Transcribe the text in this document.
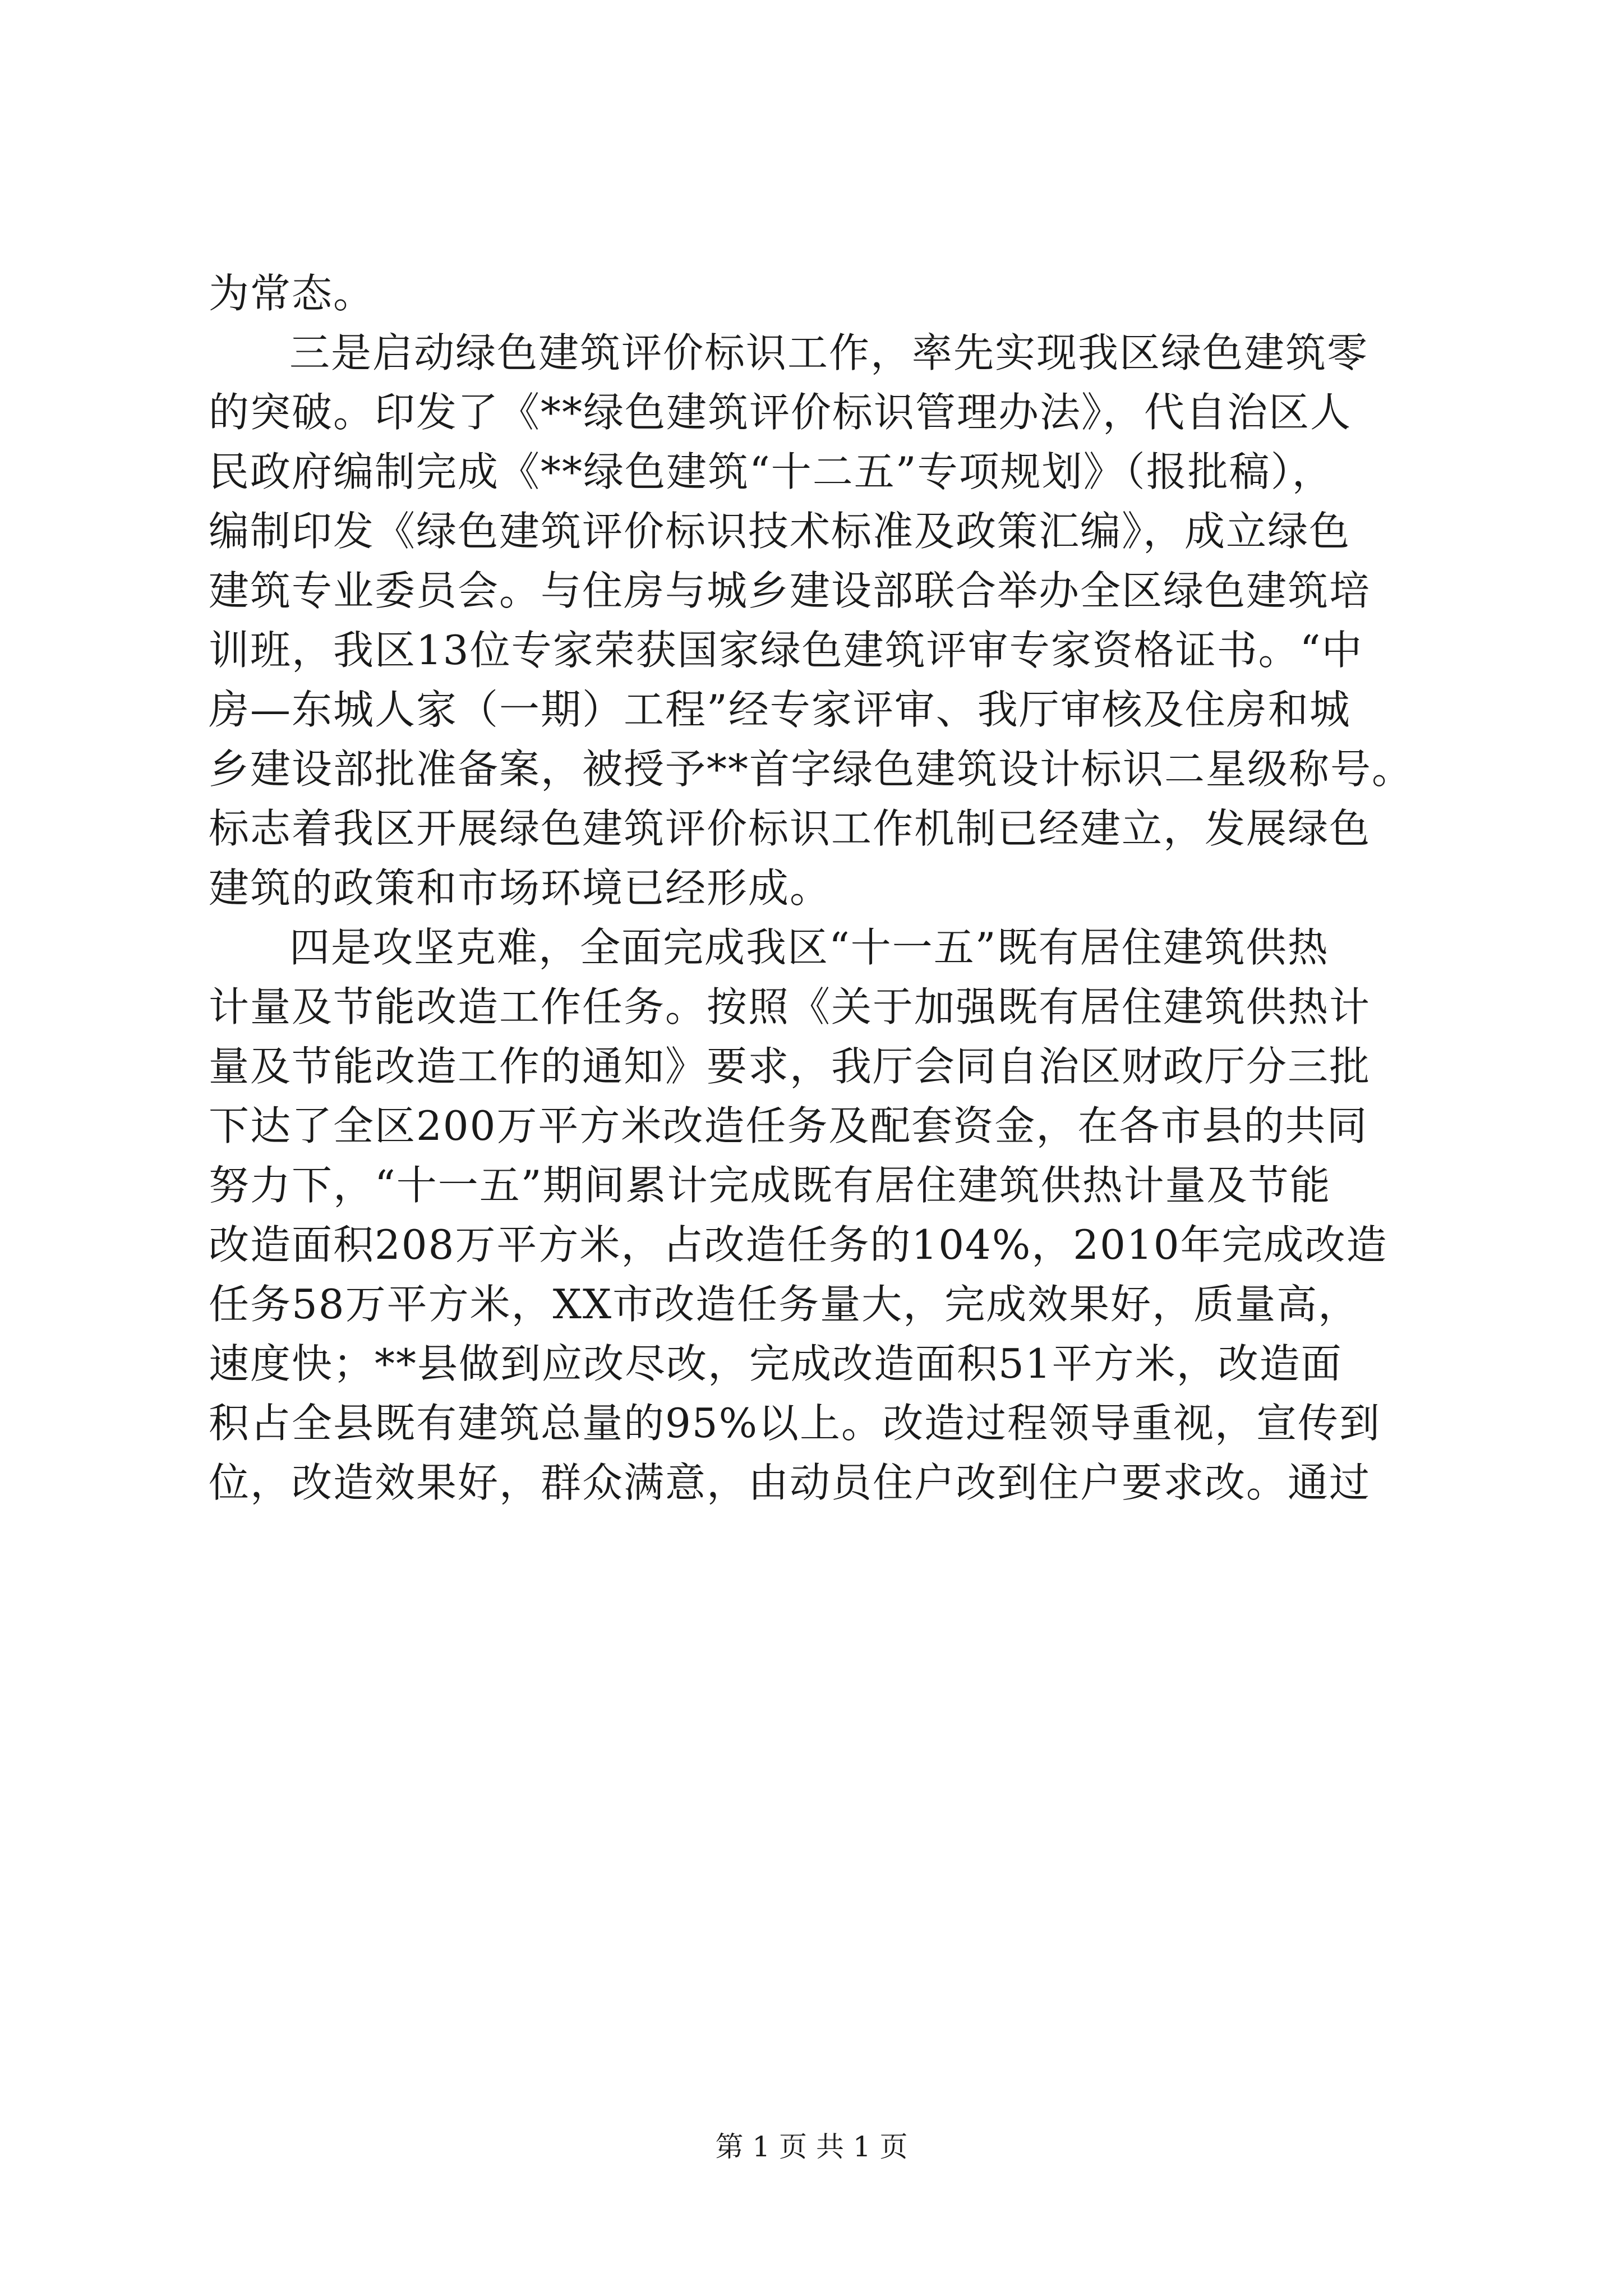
为常态。
三是启动绿色建筑评价标识工作，率先实现我区绿色建筑零
的突破。印发了《**绿色建筑评价标识管理办法》，代自治区人
民政府编制完成《**绿色建筑“十二五”专项规划》（报批稿），
编制印发《绿色建筑评价标识技术标准及政策汇编》，成立绿色
建筑专业委员会。与住房与城乡建设部联合举办全区绿色建筑培
训班，我区13位专家荣获国家绿色建筑评审专家资格证书。“中
房—东城人家（一期）工程”经专家评审、我厅审核及住房和城
乡建设部批准备案，被授予**首字绿色建筑设计标识二星级称号。
标志着我区开展绿色建筑评价标识工作机制已经建立，发展绿色
建筑的政策和市场环境已经形成。
四是攻坚克难，全面完成我区“十一五”既有居住建筑供热
计量及节能改造工作任务。按照《关于加强既有居住建筑供热计
量及节能改造工作的通知》要求，我厅会同自治区财政厅分三批
下达了全区200万平方米改造任务及配套资金，在各市县的共同
努力下，“十一五”期间累计完成既有居住建筑供热计量及节能
改造面积208万平方米，占改造任务的104%，2010年完成改造
任务58万平方米，XX市改造任务量大，完成效果好，质量高，
速度快；**县做到应改尽改，完成改造面积51平方米，改造面
积占全县既有建筑总量的95%以上。改造过程领导重视，宣传到
位，改造效果好，群众满意，由动员住户改到住户要求改。通过
第 1 页 共 1 页
